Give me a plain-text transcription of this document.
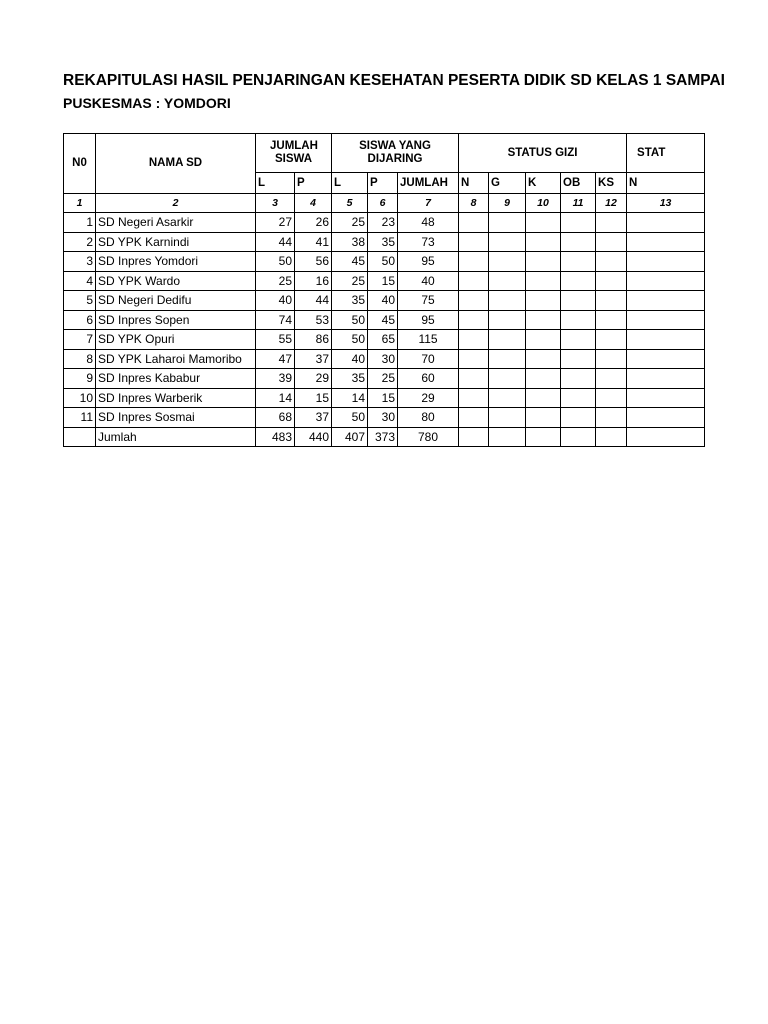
REKAPITULASI HASIL PENJARINGAN KESEHATAN PESERTA DIDIK SD KELAS 1 SAMPAI
PUSKESMAS : YOMDORI
N0	NAMA SD	JUMLAH SISWA		SISWA YANG DIJARING			STATUS GIZI					STAT
		L	P	L	P	JUMLAH	N	G	K	OB	KS	N
1	2	3	4	5	6	7	8	9	10	11	12	13
1	SD Negeri Asarkir	27	26	25	23	48						
2	SD YPK Karnindi	44	41	38	35	73						
3	SD Inpres Yomdori	50	56	45	50	95						
4	SD YPK Wardo	25	16	25	15	40						
5	SD Negeri Dedifu	40	44	35	40	75						
6	SD Inpres Sopen	74	53	50	45	95						
7	SD YPK Opuri	55	86	50	65	115						
8	SD YPK Laharoi Mamoribo	47	37	40	30	70						
9	SD Inpres Kababur	39	29	35	25	60						
10	SD Inpres Warberik	14	15	14	15	29						
11	SD Inpres Sosmai	68	37	50	30	80						
	Jumlah	483	440	407	373	780						
